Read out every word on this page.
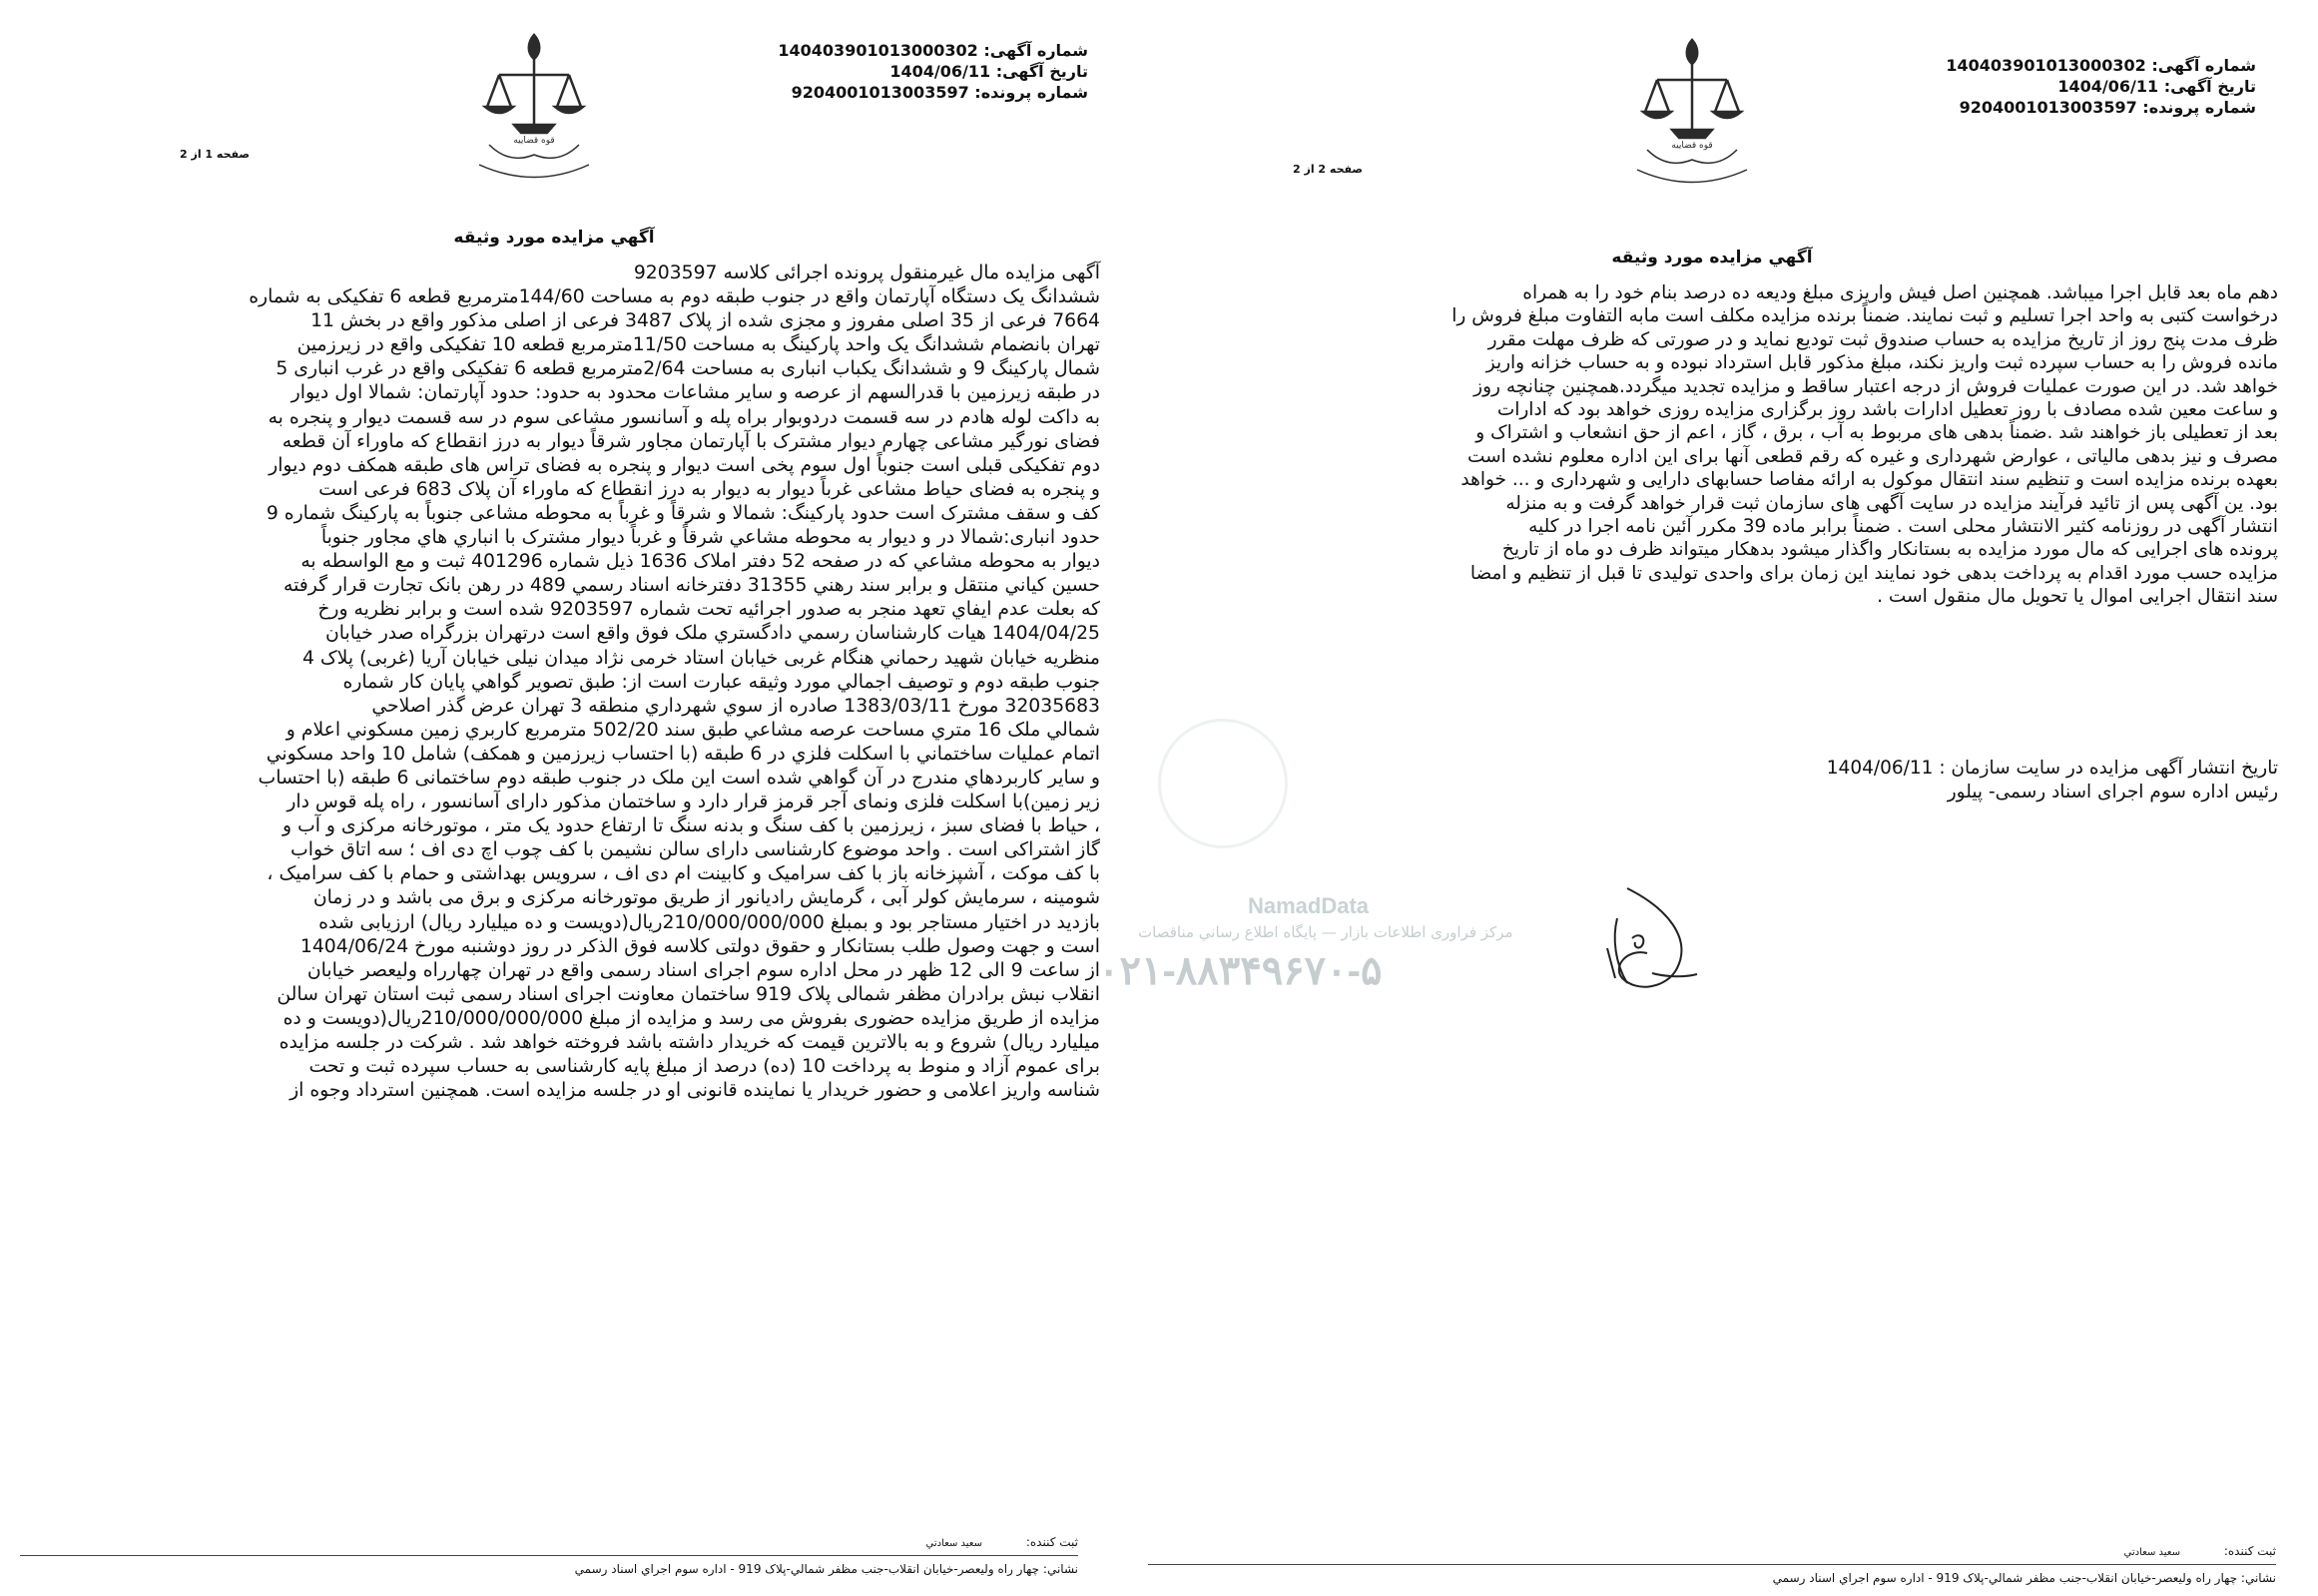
شماره آگهی: 140403901013000302
تاریخ آگهی: 1404/06/11
شماره پرونده: 9204001013003597
قوه قضاییه
صفحه 1 از 2
آگهي مزايده مورد وثيقه
آگهی مزایده مال غیرمنقول پرونده اجرائی کلاسه 9203597
ششدانگ یک دستگاه آپارتمان واقع در جنوب طبقه دوم به مساحت 144/60مترمربع قطعه 6 تفکیکی به شماره
7664 فرعی از 35 اصلی مفروز و مجزی شده از پلاک 3487 فرعی از اصلی مذکور واقع در بخش 11
تهران بانضمام ششدانگ یک واحد پارکینگ به مساحت 11/50مترمربع قطعه 10 تفکیکی واقع در زیرزمین
شمال پارکینگ 9 و ششدانگ یکباب انباری به مساحت 2/64مترمربع قطعه 6 تفکیکی واقع در غرب انباری 5
در طبقه زیرزمین با قدرالسهم از عرصه و سایر مشاعات محدود به حدود: حدود آپارتمان: شمالا اول دیوار
به داکت لوله هادم در سه قسمت دردوبوار براه پله و آسانسور مشاعی سوم در سه قسمت دیوار و پنجره به
فضای نورگیر مشاعی چهارم دیوار مشترک با آپارتمان مجاور شرقاً دیوار به درز انقطاع که ماوراء آن قطعه
دوم تفکیکی قبلی است جنوباً اول سوم پخی است دیوار و پنجره به فضای تراس های طبقه همکف دوم دیوار
و پنجره به فضای حیاط مشاعی غرباً دیوار به دیوار به درز انقطاع که ماوراء آن پلاک 683 فرعی است
کف و سقف مشترک است حدود پارکینگ: شمالا و شرقاً و غرباً به محوطه مشاعی جنوباً به پارکینگ شماره 9
حدود انباری:شمالا در و دیوار به محوطه مشاعي شرقاً و غرباً ديوار مشترک با انباري هاي مجاور جنوباً
ديوار به محوطه مشاعي که در صفحه 52 دفتر املاک 1636 ذيل شماره 401296 ثبت و مع الواسطه به
حسين کياني منتقل و برابر سند رهني 31355 دفترخانه اسناد رسمي 489 در رهن بانک تجارت قرار گرفته
که بعلت عدم ايفاي تعهد منجر به صدور اجرائيه تحت شماره 9203597 شده است و برابر نظريه ورخ
1404/04/25 هيات کارشناسان رسمي دادگستري ملک فوق واقع است درتهران بزرگراه صدر خيابان
منظريه خيابان شهيد رحماني هنگام غربی خيابان استاد خرمی نژاد ميدان نيلی خيابان آريا (غربی) پلاک 4
جنوب طبقه دوم و توصيف اجمالي مورد وثيقه عبارت است از: طبق تصوير گواهي پايان کار شماره
32035683 مورخ 1383/03/11 صادره از سوي شهرداري منطقه 3 تهران عرض گذر اصلاحي
شمالي ملک 16 متري مساحت عرصه مشاعي طبق سند 502/20 مترمربع کاربري زمين مسکوني اعلام و
اتمام عمليات ساختماني با اسکلت فلزي در 6 طبقه (با احتساب زيرزمين و همکف) شامل 10 واحد مسکوني
و ساير کاربردهاي مندرج در آن گواهي شده است اين ملک در جنوب طبقه دوم ساختمانی 6 طبقه (با احتساب
زير زمين)با اسکلت فلزی ونمای آجر قرمز قرار دارد و ساختمان مذکور دارای آسانسور ، راه پله قوس دار
، حياط با فضای سبز ، زيرزمين با کف سنگ و بدنه سنگ تا ارتفاع حدود يک متر ، موتورخانه مرکزی و آب و
گاز اشتراکی است . واحد موضوع کارشناسی دارای سالن نشيمن با کف چوب اچ دی اف ؛ سه اتاق خواب
با کف موکت ، آشپزخانه باز با کف سراميک و کابينت ام دی اف ، سرويس بهداشتی و حمام با کف سراميک ،
شومينه ، سرمايش کولر آبی ، گرمايش راديانور از طريق موتورخانه مرکزی و برق می باشد و در زمان
بازديد در اختيار مستاجر بود و بمبلغ 210/000/000/000ريال(دويست و ده ميليارد ريال) ارزيابی شده
است و جهت وصول طلب بستانکار و حقوق دولتی کلاسه فوق الذکر در روز دوشنبه مورخ 1404/06/24
از ساعت 9 الی 12 ظهر در محل اداره سوم اجرای اسناد رسمی واقع در تهران چهارراه وليعصر خيابان
انقلاب نبش برادران مظفر شمالی پلاک 919 ساختمان معاونت اجرای اسناد رسمی ثبت استان تهران سالن
مزايده از طريق مزايده حضوری بفروش می رسد و مزايده از مبلغ 210/000/000/000ريال(دويست و ده
ميليارد ريال) شروع و به بالاترين قيمت که خريدار داشته باشد فروخته خواهد شد . شرکت در جلسه مزايده
برای عموم آزاد و منوط به پرداخت 10 (ده) درصد از مبلغ پايه کارشناسی به حساب سپرده ثبت و تحت
شناسه واريز اعلامی و حضور خريدار يا نماينده قانونی او در جلسه مزايده است. همچنين استرداد وجوه از
ثبت کننده: سعيد سعادتي
نشاني: چهار راه وليعصر-خيابان انقلاب-جنب مظفر شمالي-پلاک 919 - اداره سوم اجراي اسناد رسمي
شماره آگهی: 140403901013000302
تاریخ آگهی: 1404/06/11
شماره پرونده: 9204001013003597
قوه قضاییه
صفحه 2 از 2
آگهي مزايده مورد وثيقه
دهم ماه بعد قابل اجرا میباشد. همچنین اصل فیش واریزی مبلغ ودیعه ده درصد بنام خود را به همراه
درخواست کتبی به واحد اجرا تسلیم و ثبت نمایند. ضمناً برنده مزایده مکلف است مابه التفاوت مبلغ فروش را
ظرف مدت پنج روز از تاریخ مزایده به حساب صندوق ثبت تودیع نماید و در صورتی که ظرف مهلت مقرر
مانده فروش را به حساب سپرده ثبت واریز نکند، مبلغ مذکور قابل استرداد نبوده و به حساب خزانه واریز
خواهد شد. در این صورت عملیات فروش از درجه اعتبار ساقط و مزایده تجدید میگردد.همچنین چنانچه روز
و ساعت معین شده مصادف با روز تعطیل ادارات باشد روز برگزاری مزایده روزی خواهد بود که ادارات
بعد از تعطیلی باز خواهند شد .ضمناً بدهی های مربوط به آب ، برق ، گاز ، اعم از حق انشعاب و اشتراک و
مصرف و نیز بدهی مالیاتی ، عوارض شهرداری و غیره که رقم قطعی آنها برای این اداره معلوم نشده است
بعهده برنده مزایده است و تنظیم سند انتقال موکول به ارائه مفاصا حسابهای دارایی و شهرداری و ... خواهد
بود. ین آگهی پس از تائید فرآیند مزایده در سایت آگهی های سازمان ثبت قرار خواهد گرفت و به منزله
انتشار آگهی در روزنامه کثیر الانتشار محلی است . ضمناً برابر ماده 39 مکرر آئین نامه اجرا در کلیه
پرونده های اجرایی که مال مورد مزایده به بستانکار واگذار میشود بدهکار میتواند ظرف دو ماه از تاریخ
مزایده حسب مورد اقدام به پرداخت بدهی خود نمایند این زمان برای واحدی تولیدی تا قبل از تنظیم و امضا
سند انتقال اجرایی اموال یا تحویل مال منقول است .
تاریخ انتشار آگهی مزایده در سایت سازمان : 1404/06/11
رئیس اداره سوم اجرای اسناد رسمی- پیلور
ثبت کننده: سعيد سعادتي
نشاني: چهار راه وليعصر-خيابان انقلاب-جنب مظفر شمالي-پلاک 919 - اداره سوم اجراي اسناد رسمي
NamadData
مرکز فراوری اطلاعات بازار — پايگاه اطلاع رساني مناقصات
۰۲۱-۸۸۳۴۹۶۷۰-۵
